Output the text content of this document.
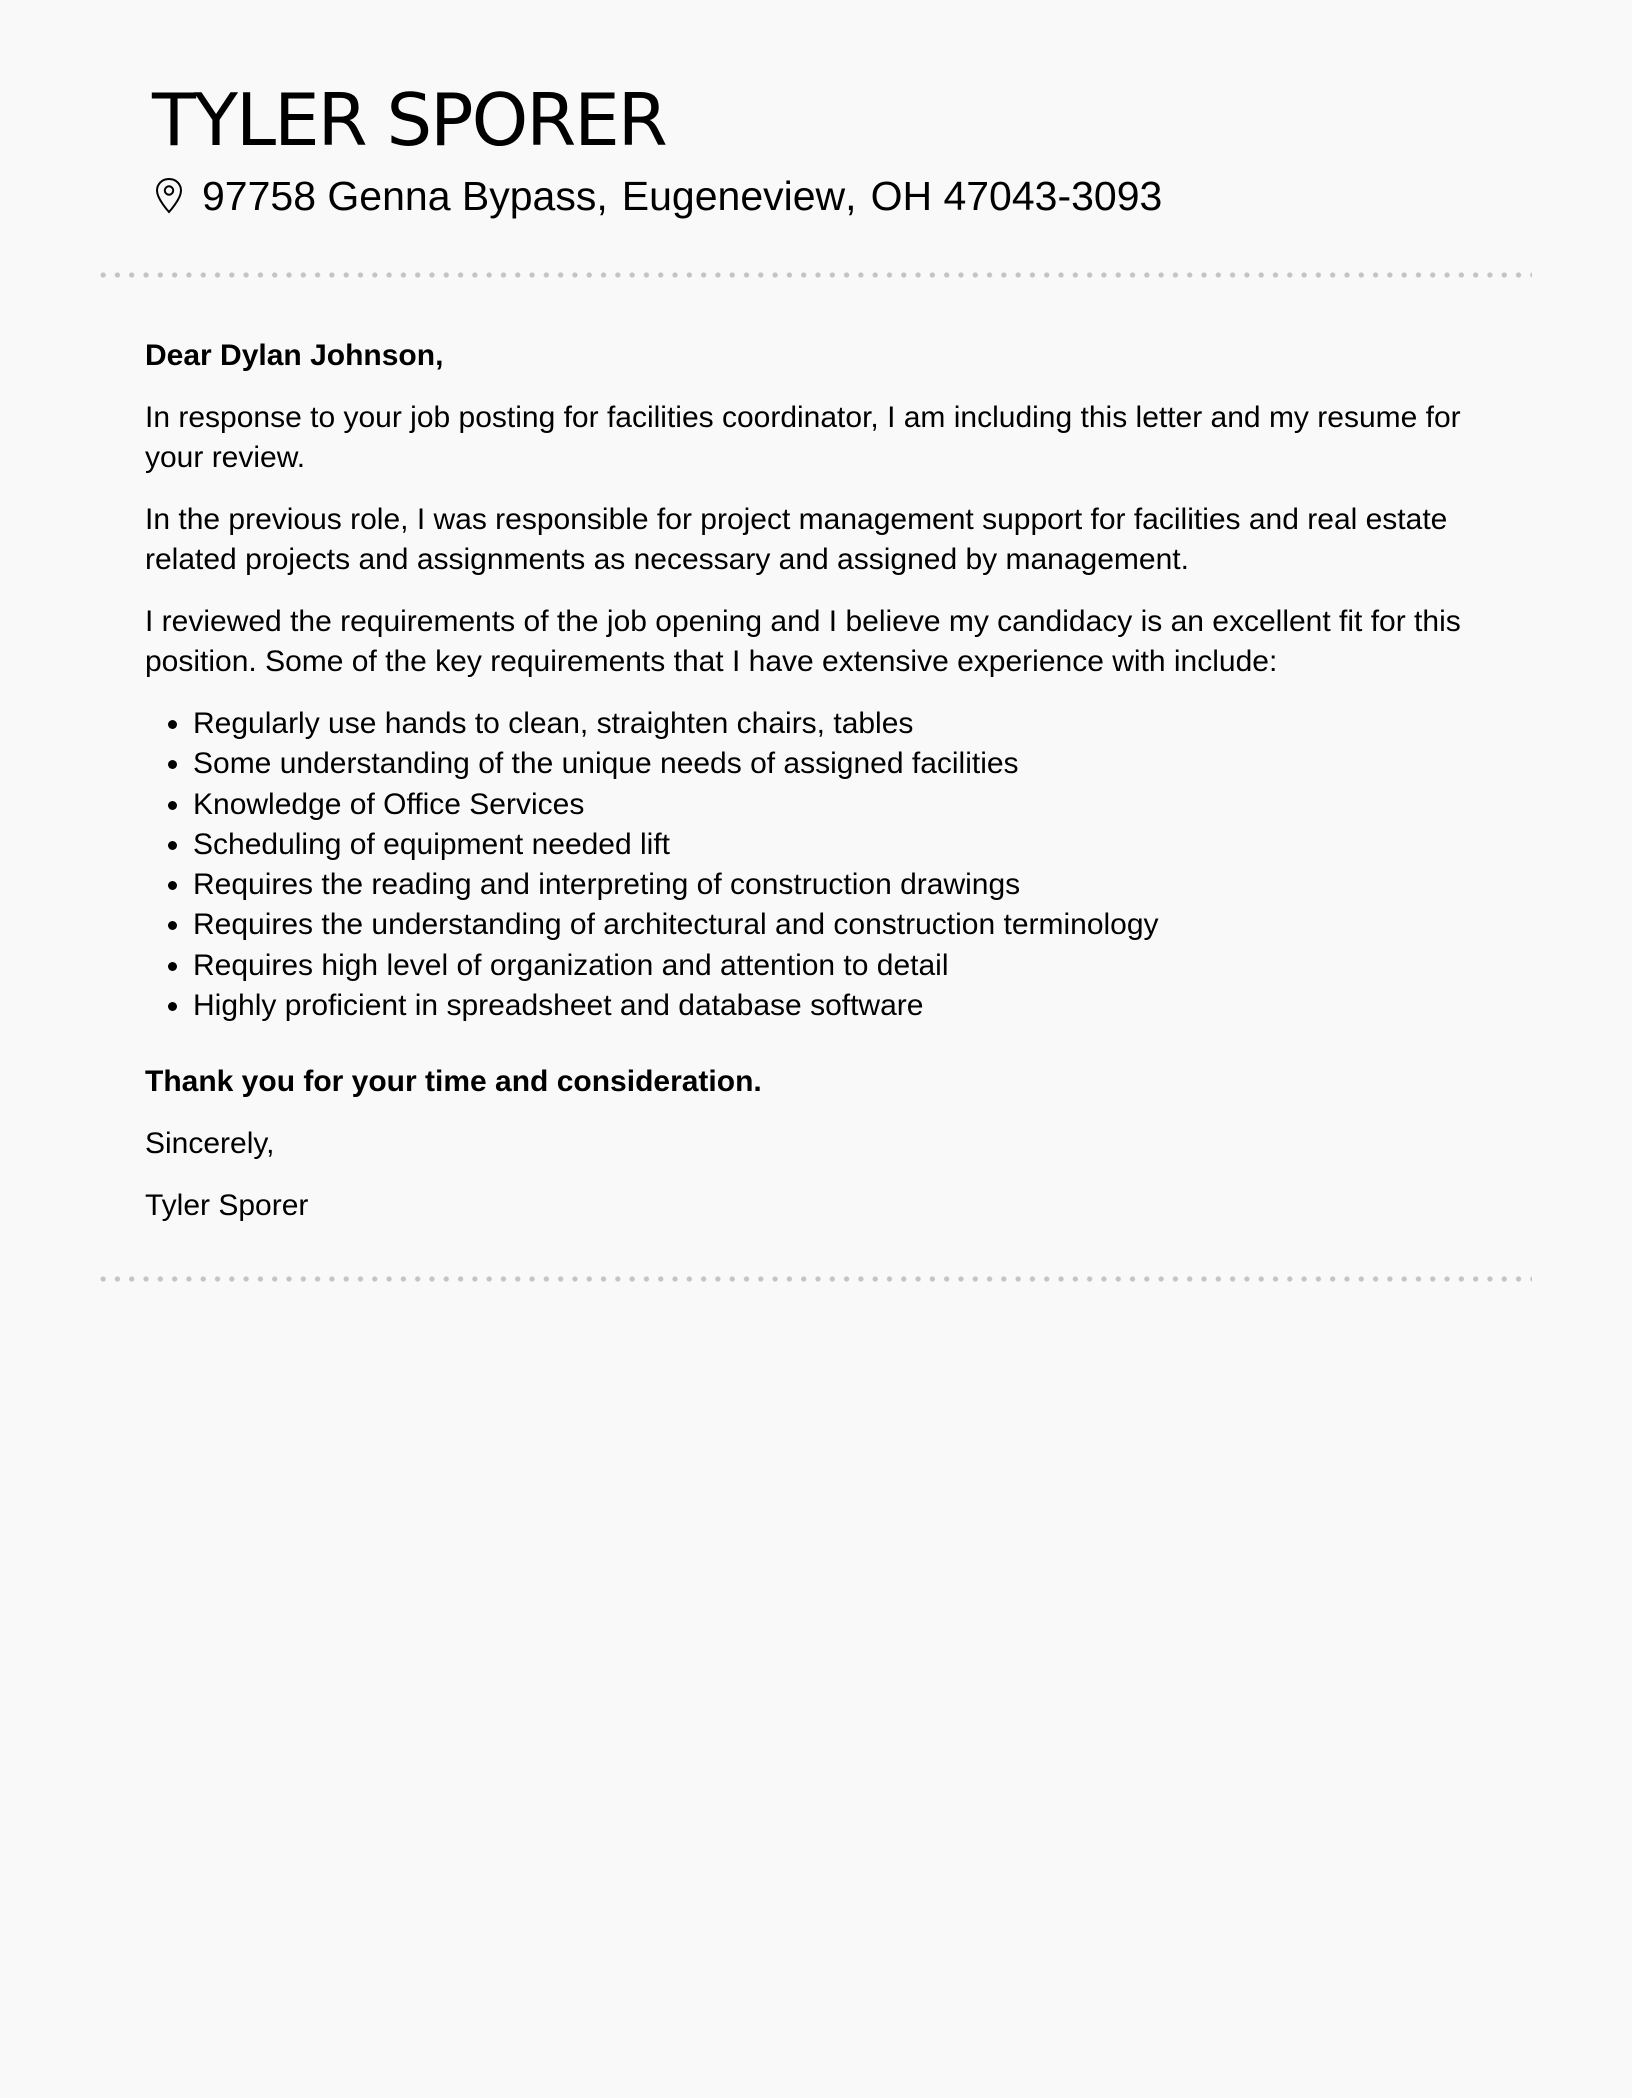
TYLER SPORER
97758 Genna Bypass , Eugeneview , OH 47043-3093

Dear Dylan Johnson,

In response to your job posting for facilities coordinator, I am including this letter and my resume for your review.

In the previous role, I was responsible for project management support for facilities and real estate related projects and assignments as necessary and assigned by management.

I reviewed the requirements of the job opening and I believe my candidacy is an excellent fit for this position. Some of the key requirements that I have extensive experience with include:

Regularly use hands to clean, straighten chairs, tables
Some understanding of the unique needs of assigned facilities
Knowledge of Office Services
Scheduling of equipment needed lift
Requires the reading and interpreting of construction drawings
Requires the understanding of architectural and construction terminology
Requires high level of organization and attention to detail
Highly proficient in spreadsheet and database software

Thank you for your time and consideration.

Sincerely,

Tyler Sporer
